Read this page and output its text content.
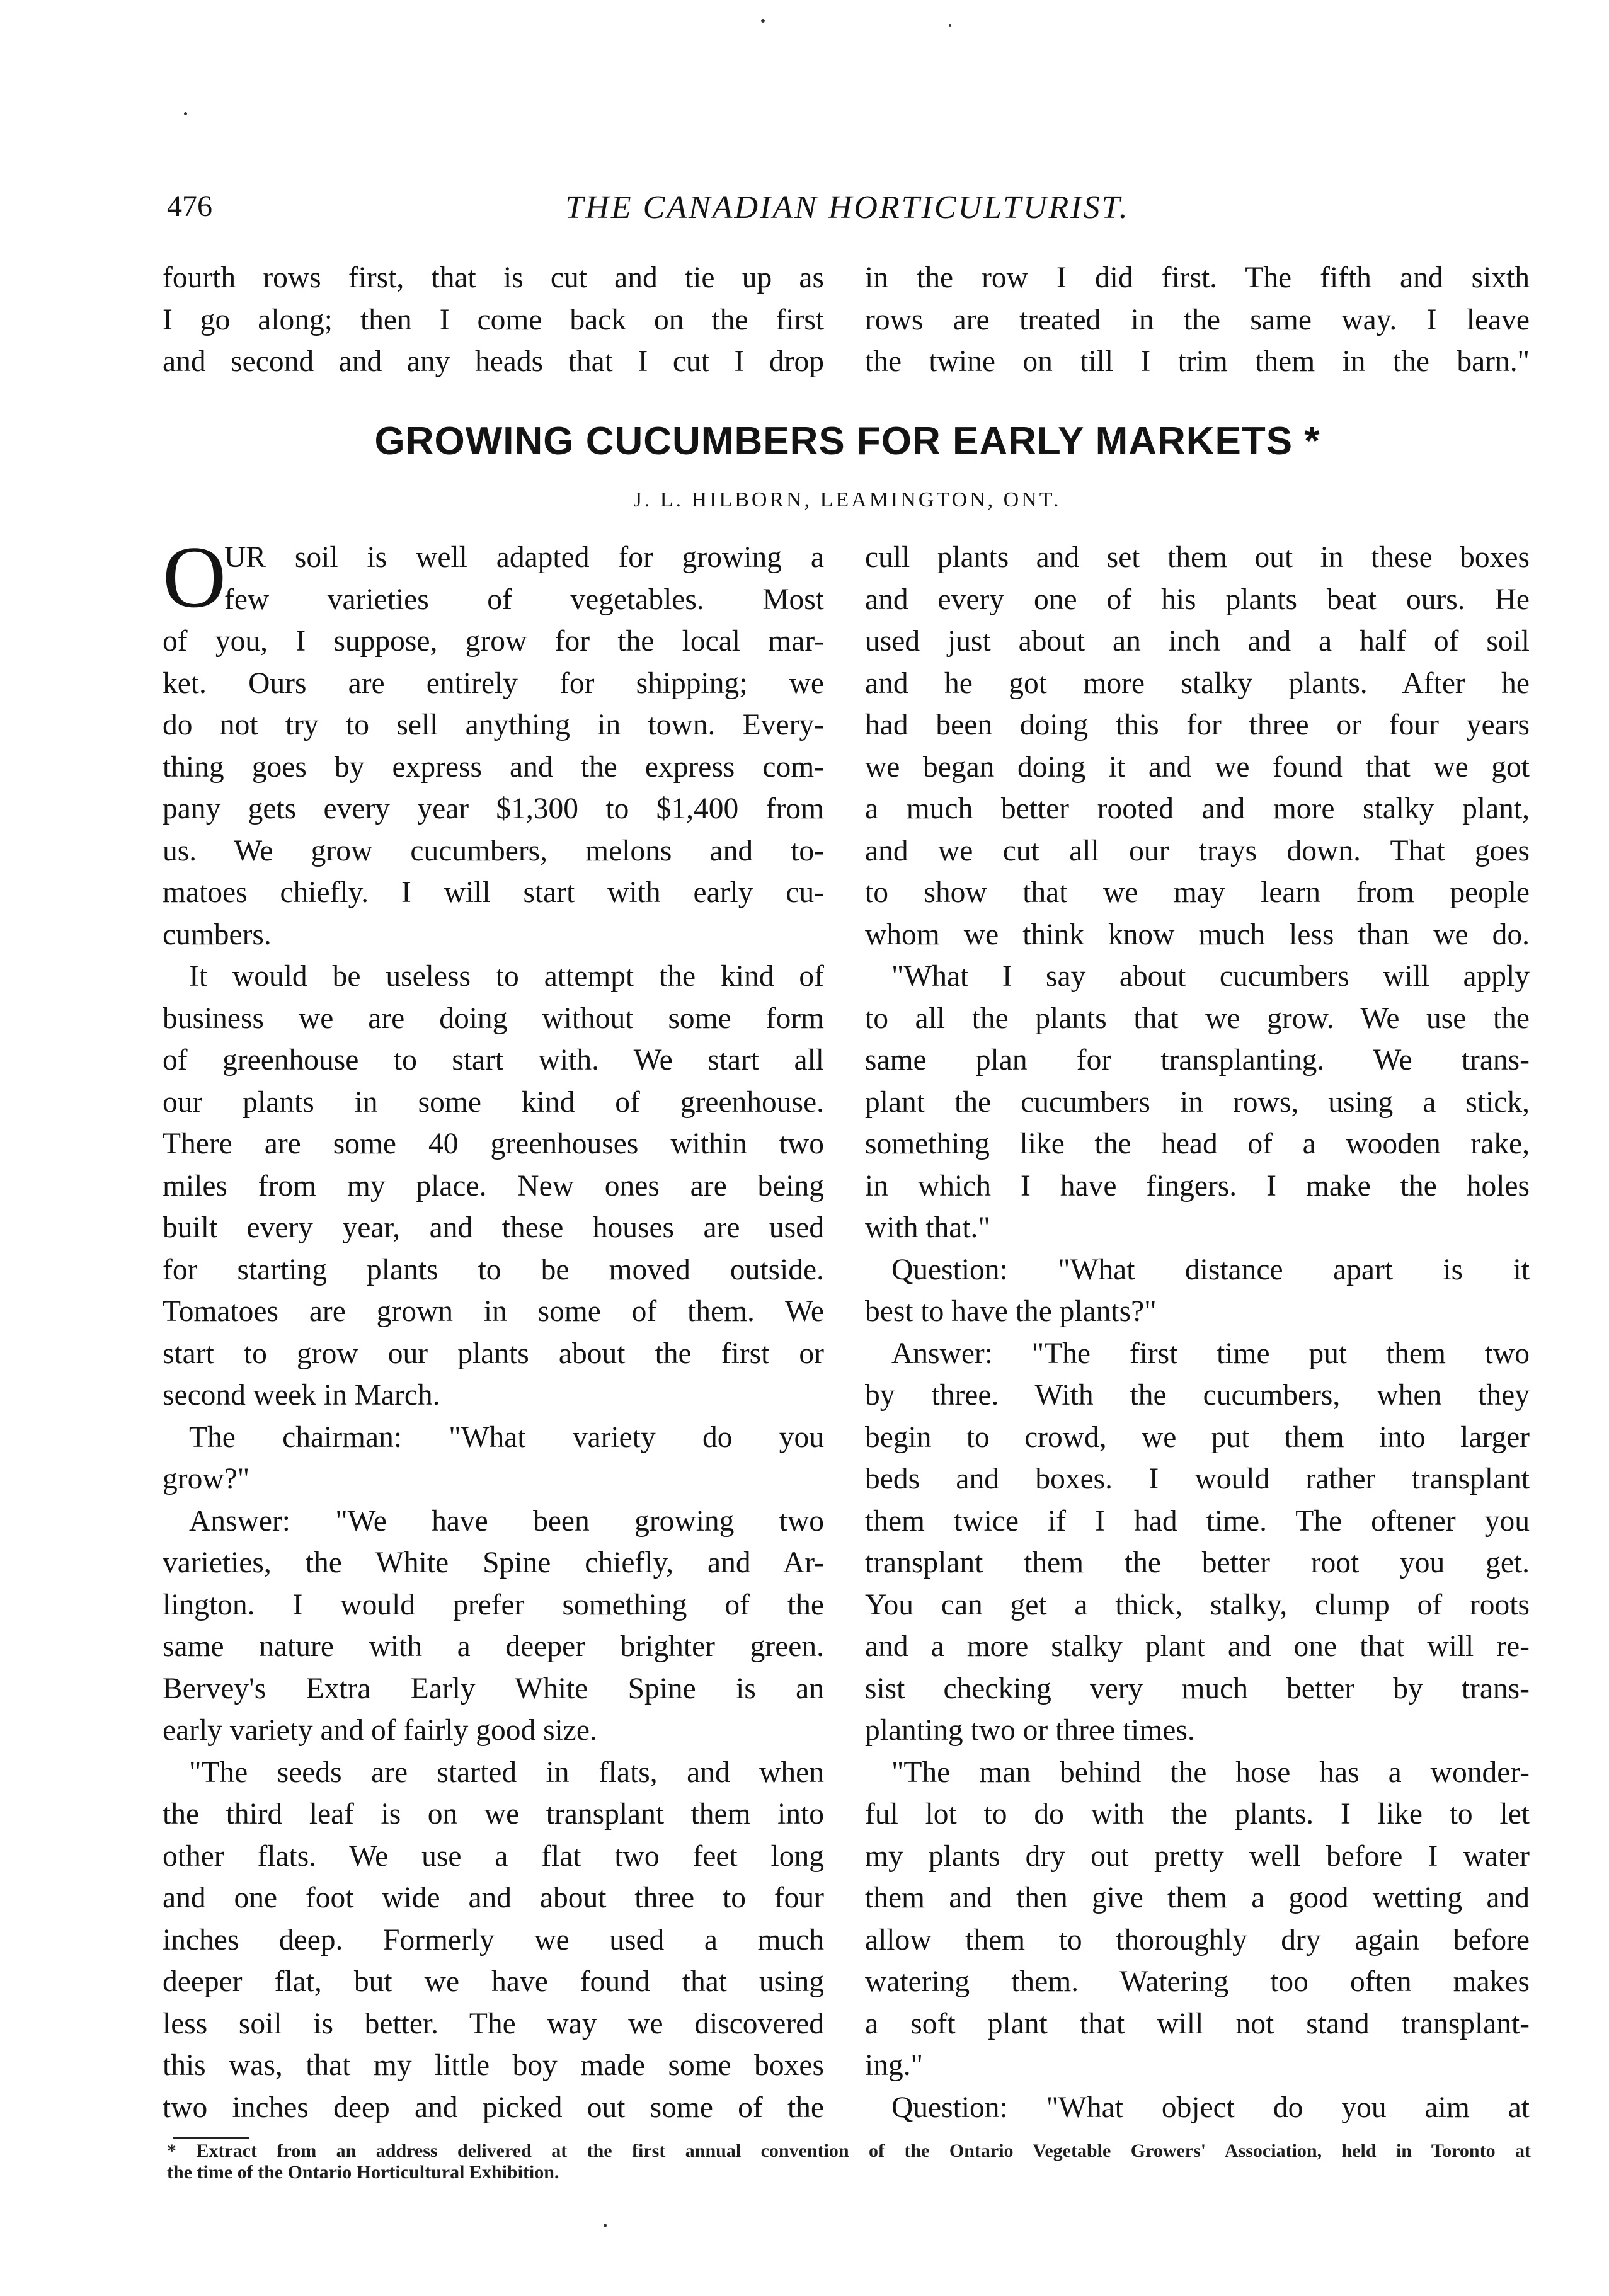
476	THE CANADIAN HORTICULTURIST.
fourth rows first, that is cut and tie up as
I go along; then I come back on the first
and second and any heads that I cut I drop
in the row I did first. The fifth and sixth
rows are treated in the same way. I leave
the twine on till I trim them in the barn."
GROWING CUCUMBERS FOR EARLY MARKETS *
J. L. HILBORN, LEAMINGTON, ONT.
O
UR soil is well adapted for growing a
few varieties of vegetables. Most
of you, I suppose, grow for the local mar-
ket. Ours are entirely for shipping; we
do not try to sell anything in town. Every-
thing goes by express and the express com-
pany gets every year $1,300 to $1,400 from
us. We grow cucumbers, melons and to-
matoes chiefly. I will start with early cu-
cumbers.
It would be useless to attempt the kind of
business we are doing without some form
of greenhouse to start with. We start all
our plants in some kind of greenhouse.
There are some 40 greenhouses within two
miles from my place. New ones are being
built every year, and these houses are used
for starting plants to be moved outside.
Tomatoes are grown in some of them. We
start to grow our plants about the first or
second week in March.
The chairman: "What variety do you
grow?"
Answer: "We have been growing two
varieties, the White Spine chiefly, and Ar-
lington. I would prefer something of the
same nature with a deeper brighter green.
Bervey's Extra Early White Spine is an
early variety and of fairly good size.
"The seeds are started in flats, and when
the third leaf is on we transplant them into
other flats. We use a flat two feet long
and one foot wide and about three to four
inches deep. Formerly we used a much
deeper flat, but we have found that using
less soil is better. The way we discovered
this was, that my little boy made some boxes
two inches deep and picked out some of the
cull plants and set them out in these boxes
and every one of his plants beat ours. He
used just about an inch and a half of soil
and he got more stalky plants. After he
had been doing this for three or four years
we began doing it and we found that we got
a much better rooted and more stalky plant,
and we cut all our trays down. That goes
to show that we may learn from people
whom we think know much less than we do.
"What I say about cucumbers will apply
to all the plants that we grow. We use the
same plan for transplanting. We trans-
plant the cucumbers in rows, using a stick,
something like the head of a wooden rake,
in which I have fingers. I make the holes
with that."
Question: "What distance apart is it
best to have the plants?"
Answer: "The first time put them two
by three. With the cucumbers, when they
begin to crowd, we put them into larger
beds and boxes. I would rather transplant
them twice if I had time. The oftener you
transplant them the better root you get.
You can get a thick, stalky, clump of roots
and a more stalky plant and one that will re-
sist checking very much better by trans-
planting two or three times.
"The man behind the hose has a wonder-
ful lot to do with the plants. I like to let
my plants dry out pretty well before I water
them and then give them a good wetting and
allow them to thoroughly dry again before
watering them. Watering too often makes
a soft plant that will not stand transplant-
ing."
Question: "What object do you aim at
* Extract from an address delivered at the first annual convention of the Ontario Vegetable Growers' Association, held in Toronto at
the time of the Ontario Horticultural Exhibition.
